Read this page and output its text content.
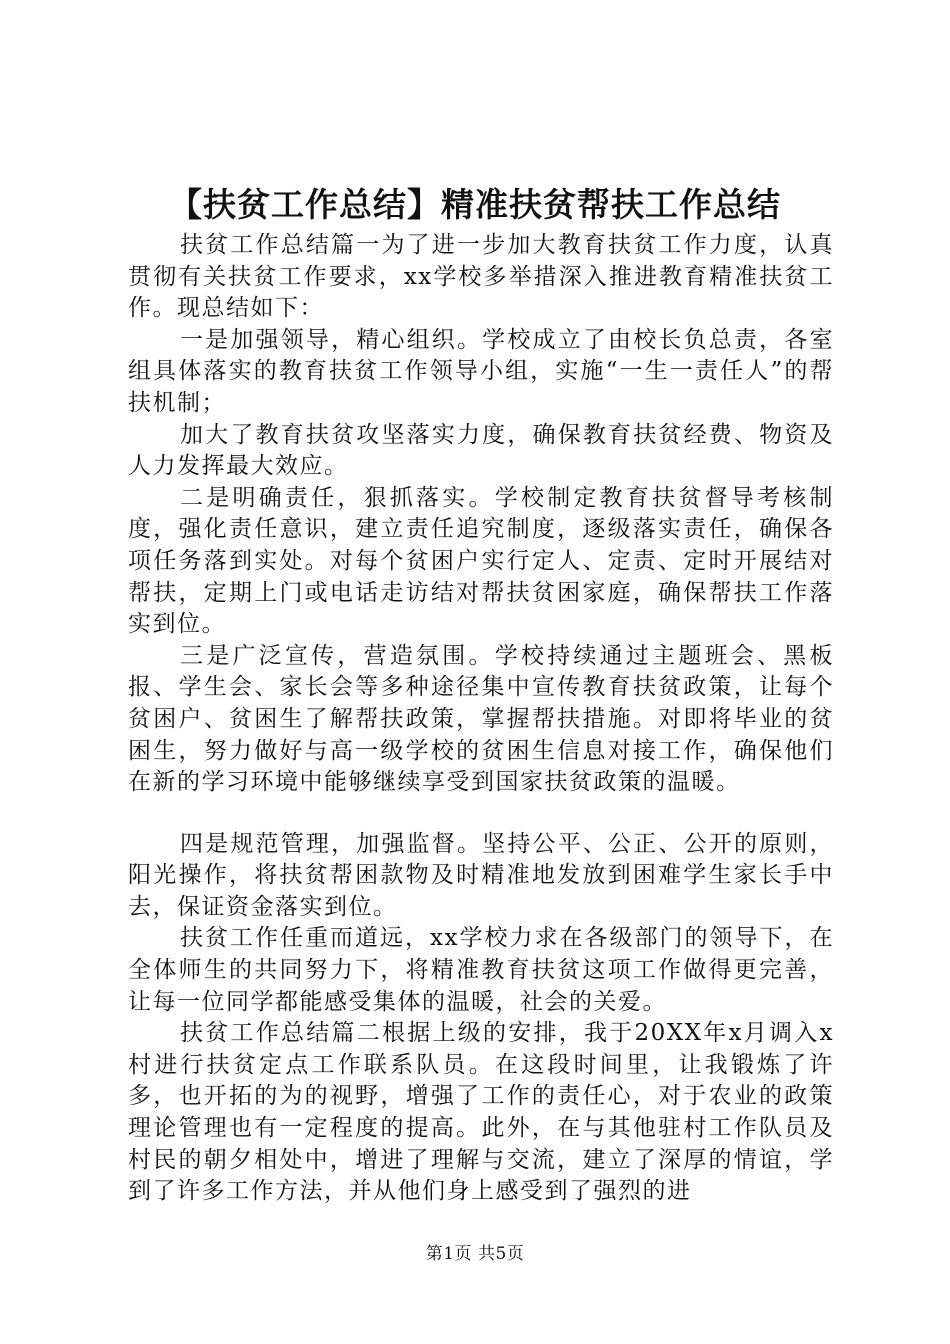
【扶贫工作总结】精准扶贫帮扶工作总结

扶贫工作总结篇一为了进一步加大教育扶贫工作力度，认真贯彻有关扶贫工作要求，xx学校多举措深入推进教育精准扶贫工作。现总结如下：

一是加强领导，精心组织。学校成立了由校长负总责，各室组具体落实的教育扶贫工作领导小组，实施“一生一责任人”的帮扶机制；

加大了教育扶贫攻坚落实力度，确保教育扶贫经费、物资及人力发挥最大效应。

二是明确责任，狠抓落实。学校制定教育扶贫督导考核制度，强化责任意识，建立责任追究制度，逐级落实责任，确保各项任务落到实处。对每个贫困户实行定人、定责、定时开展结对帮扶，定期上门或电话走访结对帮扶贫困家庭，确保帮扶工作落实到位。

三是广泛宣传，营造氛围。学校持续通过主题班会、黑板报、学生会、家长会等多种途径集中宣传教育扶贫政策，让每个贫困户、贫困生了解帮扶政策，掌握帮扶措施。对即将毕业的贫困生，努力做好与高一级学校的贫困生信息对接工作，确保他们在新的学习环境中能够继续享受到国家扶贫政策的温暖。

四是规范管理，加强监督。坚持公平、公正、公开的原则，阳光操作，将扶贫帮困款物及时精准地发放到困难学生家长手中去，保证资金落实到位。

扶贫工作任重而道远，xx学校力求在各级部门的领导下，在全体师生的共同努力下，将精准教育扶贫这项工作做得更完善，让每一位同学都能感受集体的温暖，社会的关爱。

扶贫工作总结篇二根据上级的安排，我于20XX年x月调入x村进行扶贫定点工作联系队员。在这段时间里，让我锻炼了许多，也开拓的为的视野，增强了工作的责任心，对于农业的政策理论管理也有一定程度的提高。此外，在与其他驻村工作队员及村民的朝夕相处中，增进了理解与交流，建立了深厚的情谊，学到了许多工作方法，并从他们身上感受到了强烈的进

第1页 共5页
